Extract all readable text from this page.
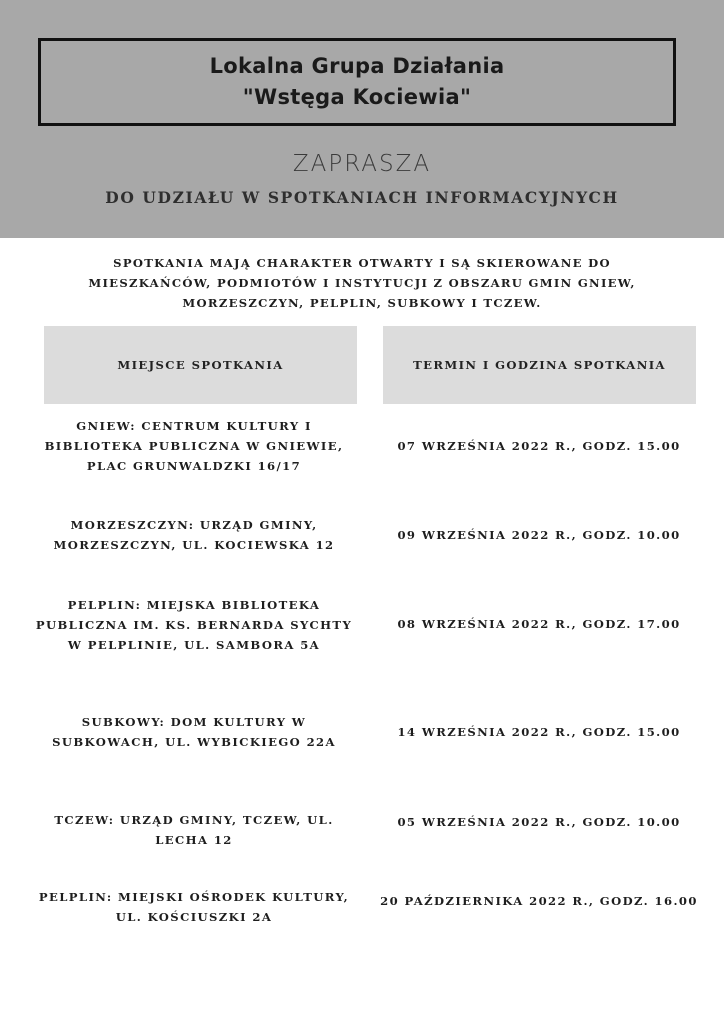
Lokalna Grupa Działania
"Wstęga Kociewia"
ZAPRASZA
DO UDZIAŁU W SPOTKANIACH INFORMACYJNYCH
SPOTKANIA MAJĄ CHARAKTER OTWARTY I SĄ SKIEROWANE DO MIESZKAŃCÓW, PODMIOTÓW I INSTYTUCJI Z OBSZARU GMIN GNIEW, MORZESZCZYN, PELPLIN, SUBKOWY I TCZEW.
MIEJSCE SPOTKANIA	TERMIN I GODZINA SPOTKANIA
GNIEW: CENTRUM KULTURY I BIBLIOTEKA PUBLICZNA W GNIEWIE, PLAC GRUNWALDZKI 16/17
07 WRZEŚNIA 2022 R., GODZ. 15.00
MORZESZCZYN: URZĄD GMINY, MORZESZCZYN, UL. KOCIEWSKA 12
09 WRZEŚNIA 2022 R., GODZ. 10.00
PELPLIN: MIEJSKA BIBLIOTEKA PUBLICZNA IM. KS. BERNARDA SYCHTY W PELPLINIE, UL. SAMBORA 5A
08 WRZEŚNIA 2022 R., GODZ. 17.00
SUBKOWY: DOM KULTURY W SUBKOWACH, UL. WYBICKIEGO 22A
14 WRZEŚNIA 2022 R., GODZ. 15.00
TCZEW: URZĄD GMINY, TCZEW, UL. LECHA 12
05 WRZEŚNIA 2022 R., GODZ. 10.00
PELPLIN: MIEJSKI OŚRODEK KULTURY, UL. KOŚCIUSZKI 2A
20 PAŹDZIERNIKA 2022 R., GODZ. 16.00
